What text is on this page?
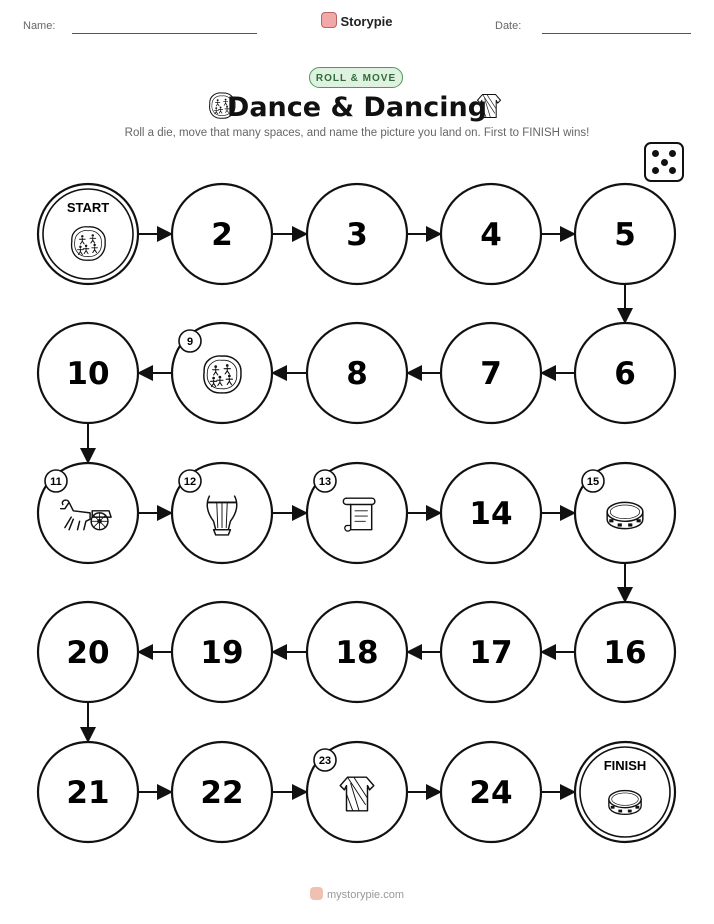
Name:	Storypie	Date:
ROLL & MOVE
START
2	3	4	5
6
7
8
9
10
11	12	13
14
15
16
17
18
19
20
21	22
23
24
FINISH
Dance & Dancing
Roll a die, move that many spaces, and name the picture you land on. First to FINISH wins!
mystorypie.com
